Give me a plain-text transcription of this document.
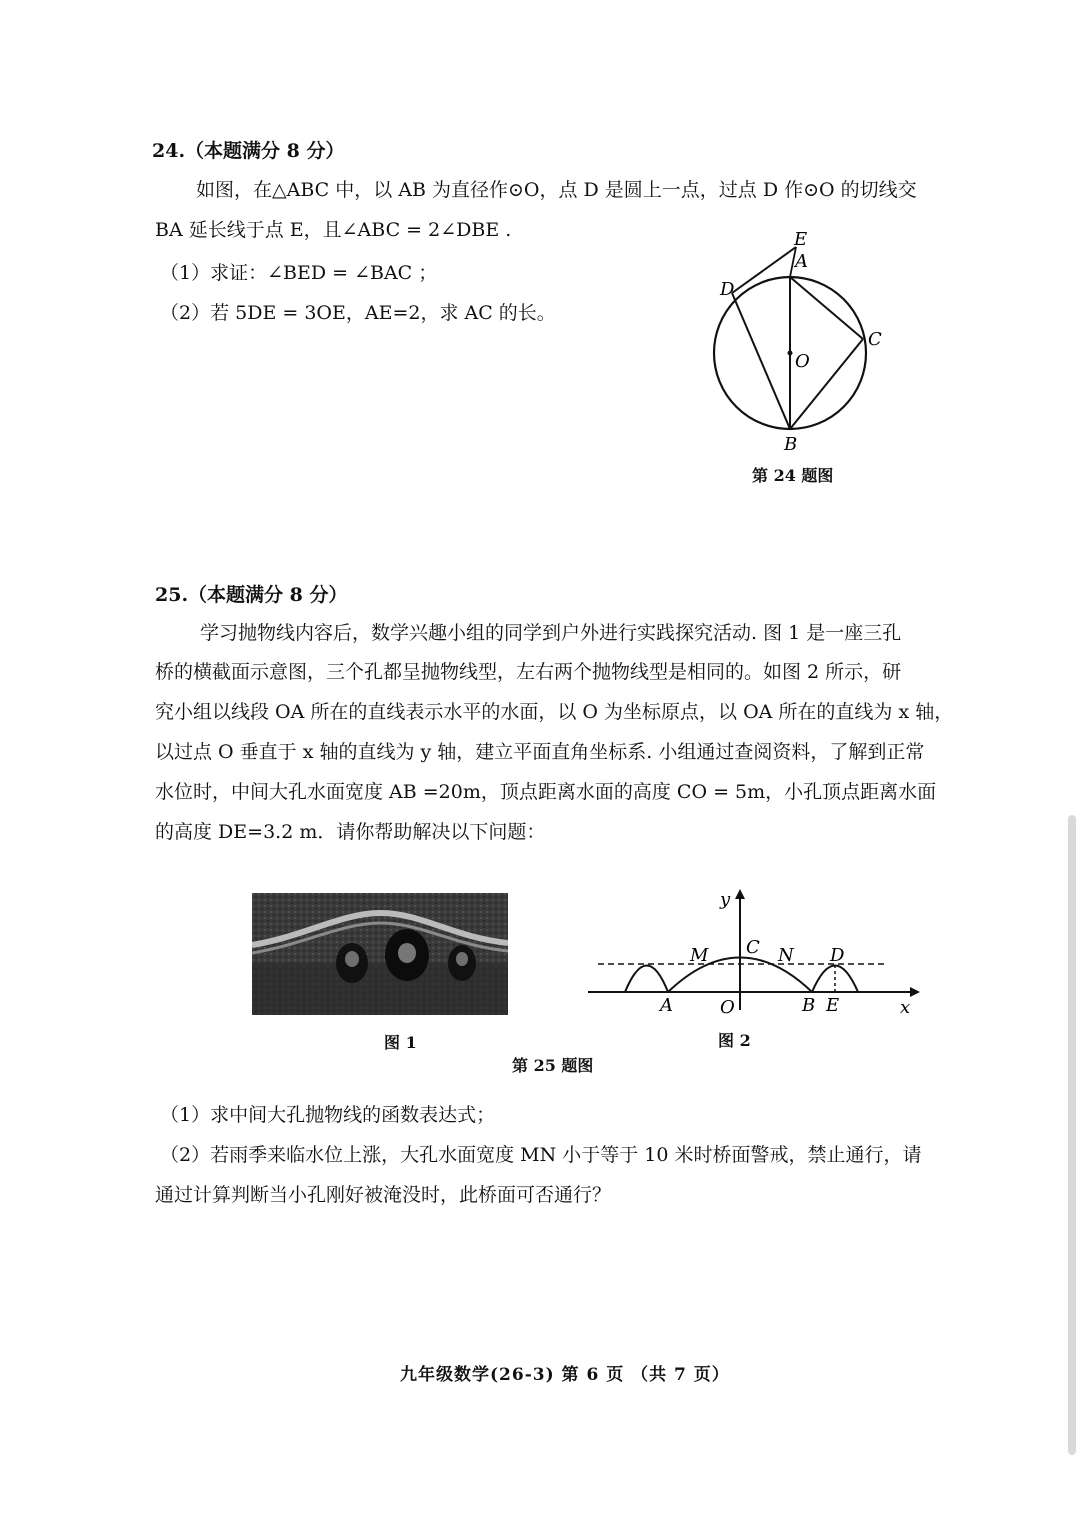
24.（本题满分 8 分）
如图，在△ABC 中，以 AB 为直径作⊙O，点 D 是圆上一点，过点 D 作⊙O 的切线交
BA 延长线于点 E，且∠ABC = 2∠DBE .
（1）求证：∠BED = ∠BAC ；
（2）若 5DE = 3OE，AE=2，求 AC 的长。
E
A
D
C
O
B
第 24 题图
25.（本题满分 8 分）
学习抛物线内容后，数学兴趣小组的同学到户外进行实践探究活动. 图 1 是一座三孔
桥的横截面示意图，三个孔都呈抛物线型，左右两个抛物线型是相同的。如图 2 所示，研
究小组以线段 OA 所在的直线表示水平的水面，以 O 为坐标原点，以 OA 所在的直线为 x 轴，
以过点 O 垂直于 x 轴的直线为 y 轴，建立平面直角坐标系. 小组通过查阅资料，了解到正常
水位时，中间大孔水面宽度 AB =20m，顶点距离水面的高度 CO = 5m，小孔顶点距离水面
的高度 DE=3.2 m．请你帮助解决以下问题：
y
x
M C N D
A	O	B E
图 1	图 2
第 25 题图
（1）求中间大孔抛物线的函数表达式；
（2）若雨季来临水位上涨，大孔水面宽度 MN 小于等于 10 米时桥面警戒，禁止通行，请
通过计算判断当小孔刚好被淹没时，此桥面可否通行？
九年级数学(26-3) 第 6 页 （共 7 页）
